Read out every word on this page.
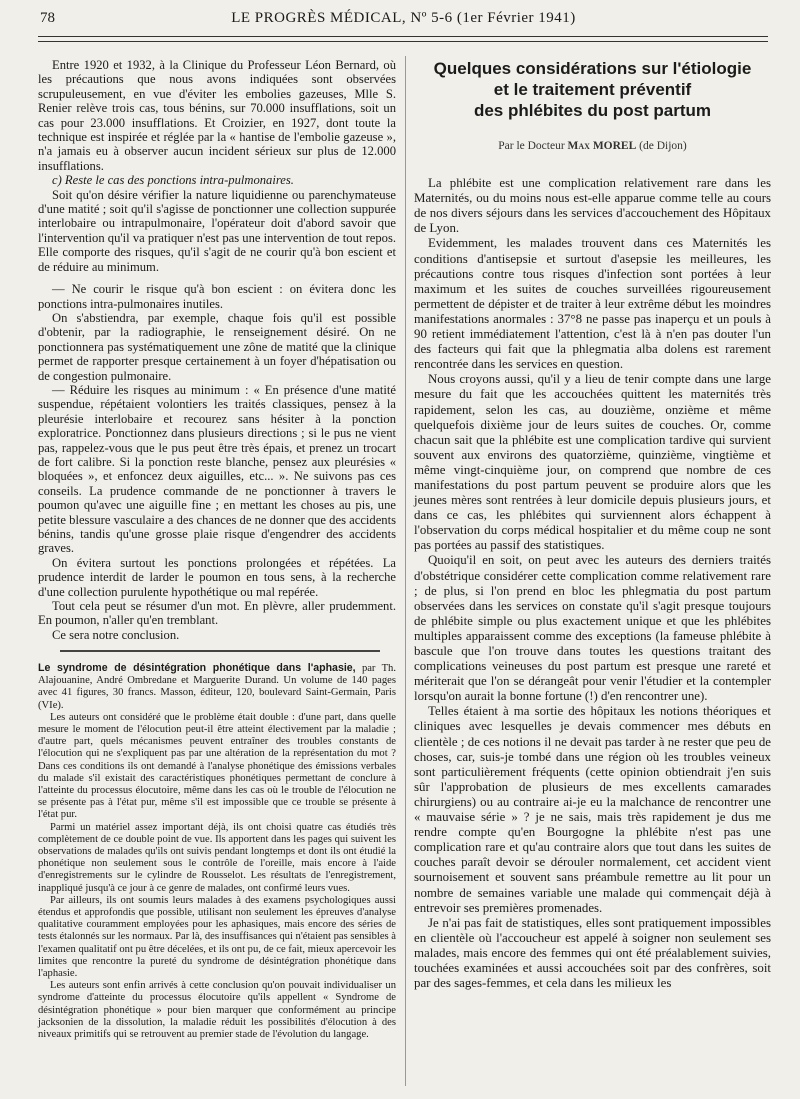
78	LE PROGRÈS MÉDICAL, Nº 5-6 (1er Février 1941)

Entre 1920 et 1932, à la Clinique du Professeur Léon Bernard, où les précautions que nous avons indiquées sont observées scrupuleusement, en vue d'éviter les embolies gazeuses, Mlle S. Renier relève trois cas, tous bénins, sur 70.000 insufflations, soit un cas pour 23.000 insufflations. Et Croizier, en 1927, dont toute la technique est inspirée et réglée par la « hantise de l'embolie gazeuse », n'a jamais eu à observer aucun incident sérieux sur plus de 12.000 insufflations.

c) Reste le cas des ponctions intra-pulmonaires.

Soit qu'on désire vérifier la nature liquidienne ou parenchymateuse d'une matité ; soit qu'il s'agisse de ponctionner une collection suppurée interlobaire ou intrapulmonaire, l'opérateur doit d'abord savoir que l'intervention qu'il va pratiquer n'est pas une intervention de tout repos. Elle comporte des risques, qu'il s'agit de ne courir qu'à bon escient et de réduire au minimum.

— Ne courir le risque qu'à bon escient : on évitera donc les ponctions intra-pulmonaires inutiles.

On s'abstiendra, par exemple, chaque fois qu'il est possible d'obtenir, par la radiographie, le renseignement désiré. On ne ponctionnera pas systématiquement une zône de matité que la clinique permet de rapporter presque certainement à un foyer d'hépatisation ou de congestion pulmonaire.

— Réduire les risques au minimum : « En présence d'une matité suspendue, répétaient volontiers les traités classiques, pensez à la pleurésie interlobaire et recourez sans hésiter à la ponction exploratrice. Ponctionnez dans plusieurs directions ; si le pus ne vient pas, rappelez-vous que le pus peut être très épais, et prenez un trocart de fort calibre. Si la ponction reste blanche, pensez aux pleurésies « bloquées », et enfoncez deux aiguilles, etc... ». Ne suivons pas ces conseils. La prudence commande de ne ponctionner à travers le poumon qu'avec une aiguille fine ; en mettant les choses au pis, une petite blessure vasculaire a des chances de ne donner que des accidents bénins, tandis qu'une grosse plaie risque d'engendrer des accidents graves.

On évitera surtout les ponctions prolongées et répétées. La prudence interdit de larder le poumon en tous sens, à la recherche d'une collection purulente hypothétique ou mal repérée.

Tout cela peut se résumer d'un mot. En plèvre, aller prudemment. En poumon, n'aller qu'en tremblant.

Ce sera notre conclusion.

Le syndrome de désintégration phonétique dans l'aphasie, par Th. Alajouanine, André Ombredane et Marguerite Durand. Un volume de 140 pages avec 41 figures, 30 francs. Masson, éditeur, 120, boulevard Saint-Germain, Paris (VIe).

Les auteurs ont considéré que le problème était double : d'une part, dans quelle mesure le moment de l'élocution peut-il être atteint électivement par la maladie ; d'autre part, quels mécanismes peuvent entraîner des troubles constants de l'élocution qui ne s'expliquent pas par une altération de la représentation du mot ? Dans ces conditions ils ont demandé à l'analyse phonétique des émissions verbales du malade s'il existait des caractéristiques phonétiques permettant de conclure à l'atteinte du processus élocutoire, même dans les cas où le trouble de l'élocution ne se présente pas à l'état pur, même s'il est impossible que ce trouble se présente à l'état pur.

Parmi un matériel assez important déjà, ils ont choisi quatre cas étudiés très complètement de ce double point de vue. Ils apportent dans les pages qui suivent les observations de malades qu'ils ont suivis pendant longtemps et dont ils ont étudié la phonétique non seulement sous le contrôle de l'oreille, mais encore à l'aide d'enregistrements sur le cylindre de Rousselot. Les résultats de l'enregistrement, inappliqué jusqu'à ce jour à ce genre de malades, ont confirmé leurs vues.

Par ailleurs, ils ont soumis leurs malades à des examens psychologiques aussi étendus et approfondis que possible, utilisant non seulement les épreuves d'analyse qualitative couramment employées pour les aphasiques, mais encore des séries de tests étalonnés sur les normaux. Par là, des insuffisances qui n'étaient pas sensibles à l'examen qualitatif ont pu être décelées, et ils ont pu, de ce fait, mieux apercevoir les limites que rencontre la pureté du syndrome de désintégration phonétique dans l'aphasie.

Les auteurs sont enfin arrivés à cette conclusion qu'on pouvait individualiser un syndrome d'atteinte du processus élocutoire qu'ils appellent « Syndrome de désintégration phonétique » pour bien marquer que conformément au principe jacksonien de la dissolution, la maladie réduit les possibilités d'élocution à des niveaux primitifs qui se retrouvent au premier stade de l'évolution du langage.

Quelques considérations sur l'étiologie
et le traitement préventif
des phlébites du post partum
Par le Docteur Max MOREL (de Dijon)

La phlébite est une complication relativement rare dans les Maternités, ou du moins nous est-elle apparue comme telle au cours de nos divers séjours dans les services d'accouchement des Hôpitaux de Lyon.

Evidemment, les malades trouvent dans ces Maternités les conditions d'antisepsie et surtout d'asepsie les meilleures, les précautions contre tous risques d'infection sont portées à leur maximum et les suites de couches surveillées rigoureusement permettent de dépister et de traiter à leur extrême début les moindres manifestations anormales : 37°8 ne passe pas inaperçu et un pouls à 90 retient immédiatement l'attention, c'est là à n'en pas douter l'un des facteurs qui fait que la phlegmatia alba dolens est rarement rencontrée dans les services en question.

Nous croyons aussi, qu'il y a lieu de tenir compte dans une large mesure du fait que les accouchées quittent les maternités très rapidement, selon les cas, au douzième, onzième et même quelquefois dixième jour de leurs suites de couches. Or, comme chacun sait que la phlébite est une complication tardive qui survient souvent aux environs des quatorzième, quinzième, vingtième et même vingt-cinquième jour, on comprend que nombre de ces manifestations du post partum peuvent se produire alors que les jeunes mères sont rentrées à leur domicile depuis plusieurs jours, et dans ce cas, les phlébites qui surviennent alors échappent à l'observation du corps médical hospitalier et du même coup ne sont pas portées au passif des statistiques.

Quoiqu'il en soit, on peut avec les auteurs des derniers traités d'obstétrique considérer cette complication comme relativement rare ; de plus, si l'on prend en bloc les phlegmatia du post partum observées dans les services on constate qu'il s'agit presque toujours de phlébite simple ou plus exactement unique et que les phlébites multiples apparaissent comme des exceptions (la fameuse phlébite à bascule que l'on trouve dans toutes les questions traitant des complications veineuses du post partum est presque une rareté et mériterait que l'on se dérangeât pour venir l'étudier et la contempler lorsqu'on aurait la bonne fortune (!) d'en rencontrer une).

Telles étaient à ma sortie des hôpitaux les notions théoriques et cliniques avec lesquelles je devais commencer mes débuts en clientèle ; de ces notions il ne devait pas tarder à ne rester que peu de choses, car, suis-je tombé dans une région où les troubles veineux sont particulièrement fréquents (cette opinion obtiendrait j'en suis sûr l'approbation de plusieurs de mes excellents camarades chirurgiens) ou au contraire ai-je eu la malchance de rencontrer une « mauvaise série » ? je ne sais, mais très rapidement je dus me rendre compte qu'en Bourgogne la phlébite n'est pas une complication rare et qu'au contraire alors que tout dans les suites de couches paraît devoir se dérouler normalement, cet accident vient sournoisement et souvent sans préambule remettre au lit pour un nombre de semaines variable une malade qui commençait déjà à entrevoir ses premières promenades.

Je n'ai pas fait de statistiques, elles sont pratiquement impossibles en clientèle où l'accoucheur est appelé à soigner non seulement ses malades, mais encore des femmes qui ont été préalablement suivies, touchées examinées et aussi accouchées soit par des confrères, soit par des sages-femmes, et cela dans les milieux les
